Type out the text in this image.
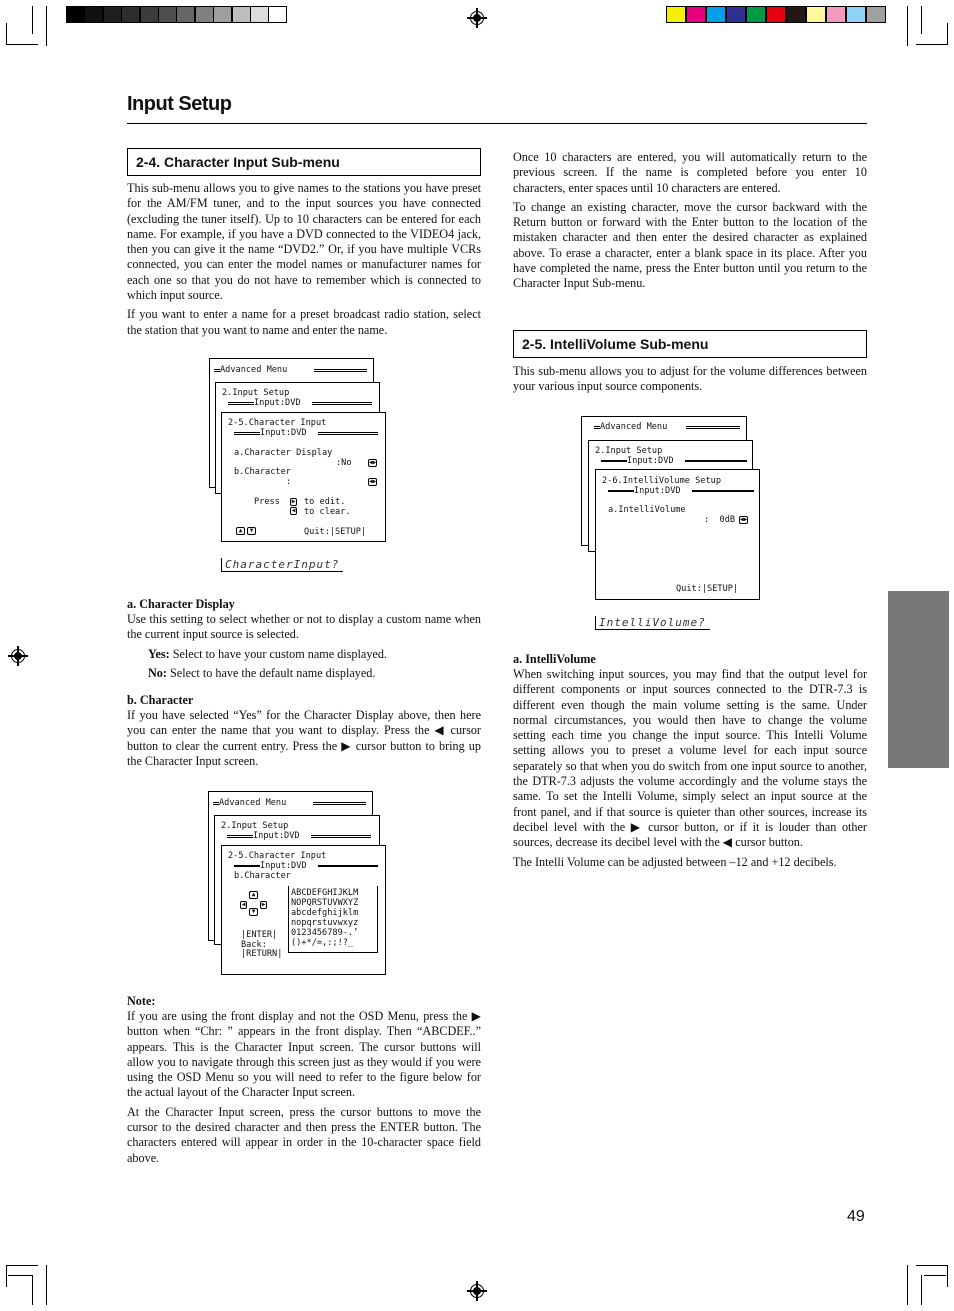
Input Setup
2-4. Character Input Sub-menu

This sub-menu allows you to give names to the stations you have preset for the AM/FM tuner, and to the input sources you have connected (excluding the tuner itself). Up to 10 characters can be entered for each name. For example, if you have a DVD connected to the VIDEO4 jack, then you can give it the name “DVD2.” Or, if you have multiple VCRs connected, you can enter the model names or manufacturer names for each one so that you do not have to remember which is connected to which input source.

If you want to enter a name for a preset broadcast radio station, select the station that you want to name and enter the name.

Advanced Menu
2.Input Setup
Input:DVD
2-5.Character Input
Input:DVD
a.Character Display
:No	◀▶
b.Character
:	◀▶
Press ▶ to edit.
◀ to clear.
▲	▼	Quit:|SETUP|
CharacterInput?

a. Character Display

Use this setting to select whether or not to display a custom name when the current input source is selected.

Yes: Select to have your custom name displayed.

No: Select to have the default name displayed.

b. Character

If you have selected “Yes” for the Character Display above, then here you can enter the name that you want to display. Press the ◀ cursor button to clear the current entry. Press the ▶ cursor button to bring up the Character Input screen.

Advanced Menu
2.Input Setup
Input:DVD
2-5.Character Input
Input:DVD
b.Character
▲
◀	▶
▼
ABCDEFGHIJKLM
NOPQRSTUVWXYZ
abcdefghijklm
nopqrstuvwxyz
0123456789-.’
()+*/=,:;!?_
|ENTER|
Back:
|RETURN|

Note:

If you are using the front display and not the OSD Menu, press the ▶ button when “Chr: ” appears in the front display. Then “ABCDEF..” appears. This is the Character Input screen. The cursor buttons will allow you to navigate through this screen just as they would if you were using the OSD Menu so you will need to refer to the figure below for the actual layout of the Character Input screen.

At the Character Input screen, press the cursor buttons to move the cursor to the desired character and then press the ENTER button. The characters entered will appear in order in the 10-character space field above.

Once 10 characters are entered, you will automatically return to the previous screen. If the name is completed before you enter 10 characters, enter spaces until 10 characters are entered.

To change an existing character, move the cursor backward with the Return button or forward with the Enter button to the location of the mistaken character and then enter the desired character as explained above. To erase a character, enter a blank space in its place. After you have completed the name, press the Enter button until you return to the Character Input Sub-menu.

2-5. IntelliVolume Sub-menu

This sub-menu allows you to adjust for the volume differences between your various input source components.

Advanced Menu
2.Input Setup
Input:DVD
2-6.IntelliVolume Setup
Input:DVD
a.IntelliVolume
:  0dB ◀▶
Quit:|SETUP|
IntelliVolume?

a. IntelliVolume

When switching input sources, you may find that the output level for different components or input sources connected to the DTR-7.3 is different even though the main volume setting is the same. Under normal circumstances, you would then have to change the volume setting each time you change the input source. This Intelli Volume setting allows you to preset a volume level for each input source separately so that when you do switch from one input source to another, the DTR-7.3 adjusts the volume accordingly and the volume stays the same. To set the Intelli Volume, simply select an input source at the front panel, and if that source is quieter than other sources, increase its decibel level with the ▶ cursor button, or if it is louder than other sources, decrease its decibel level with the ◀ cursor button.

The Intelli Volume can be adjusted between –12 and +12 decibels.

49
